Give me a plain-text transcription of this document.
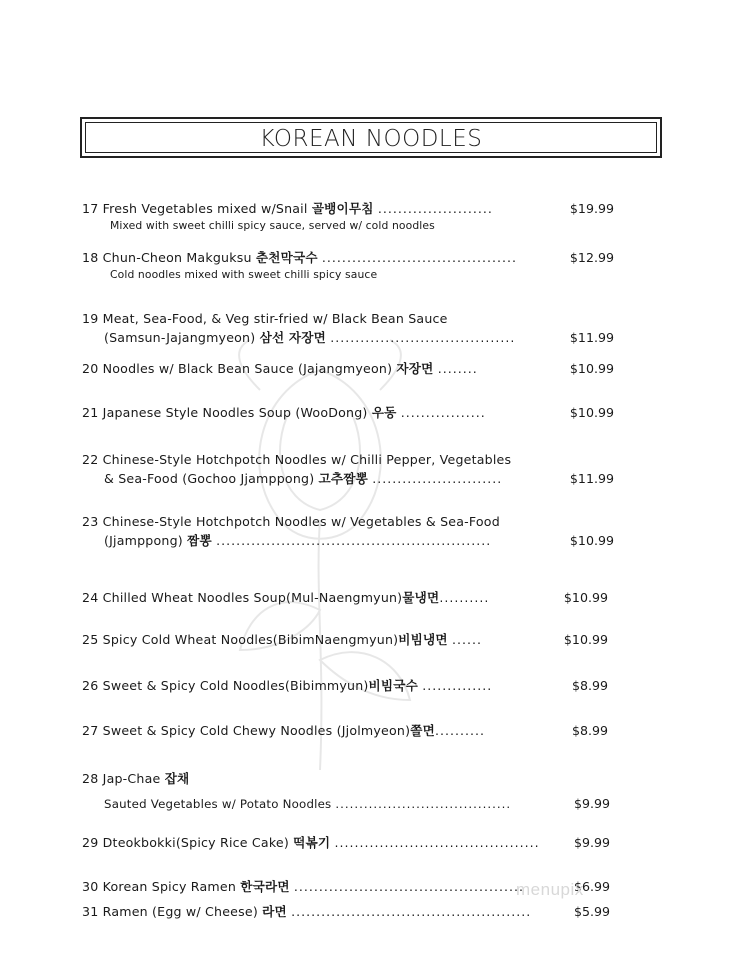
KOREAN NOODLES
17 Fresh Vegetables mixed w/Snail 골뱅이무침 .......................	$19.99
Mixed with sweet chilli spicy sauce, served w/ cold noodles
18 Chun-Cheon Makguksu 춘천막국수 .......................................	$12.99
Cold noodles mixed with sweet chilli spicy sauce
19 Meat, Sea-Food, & Veg stir-fried w/ Black Bean Sauce
(Samsun-Jajangmyeon) 삼선 자장면 .....................................	$11.99
20 Noodles w/ Black Bean Sauce (Jajangmyeon) 자장면 ........	$10.99
21 Japanese Style Noodles Soup (WooDong) 우동 .................	$10.99
22 Chinese-Style Hotchpotch Noodles w/ Chilli Pepper, Vegetables
& Sea-Food (Gochoo Jjamppong) 고추짬뽕 ..........................	$11.99
23 Chinese-Style Hotchpotch Noodles w/ Vegetables & Sea-Food
(Jjamppong) 짬뽕 .......................................................	$10.99
24 Chilled Wheat Noodles Soup(Mul-Naengmyun)물냉면..........	$10.99
25 Spicy Cold Wheat Noodles(BibimNaengmyun)비빔냉면 ......	$10.99
26 Sweet & Spicy Cold Noodles(Bibimmyun)비빔국수 ..............	$8.99
27 Sweet & Spicy Cold Chewy Noodles (Jjolmyeon)쫄면..........	$8.99
28 Jap-Chae 잡채
Sauted Vegetables w/ Potato Noodles .....................................	$9.99
29 Dteokbokki(Spicy Rice Cake) 떡볶기 .........................................	$9.99
30 Korean Spicy Ramen 한국라면 ..............................................	$6.99
31 Ramen (Egg w/ Cheese) 라면 ................................................	$5.99
menupix
